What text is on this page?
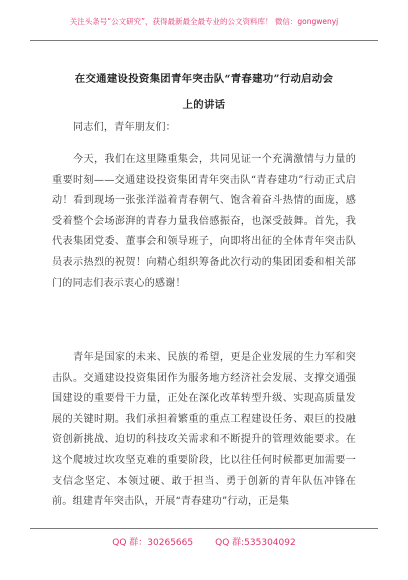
关注头条号“公文研究”，获得最新最全最专业的公文资料库！ 微信：gongwenyj
在交通建设投资集团青年突击队“青春建功”行动启动会
上的讲话
同志们，青年朋友们：
今天，我们在这里隆重集会，共同见证一个充满激情与力量的重要时刻——交通建设投资集团青年突击队“青春建功”行动正式启动！看到现场一张张洋溢着青春朝气、饱含着奋斗热情的面庞，感受着整个会场澎湃的青春力量我倍感振奋，也深受鼓舞。首先，我代表集团党委、董事会和领导班子，向即将出征的全体青年突击队员表示热烈的祝贺！向精心组织筹备此次行动的集团团委和相关部门的同志们表示衷心的感谢！
青年是国家的未来、民族的希望，更是企业发展的生力军和突击队。交通建设投资集团作为服务地方经济社会发展、支撑交通强国建设的重要骨干力量，正处在深化改革转型升级、实现高质量发展的关键时期。我们承担着繁重的重点工程建设任务、艰巨的投融资创新挑战、迫切的科技攻关需求和不断提升的管理效能要求。在这个爬坡过坎攻坚克难的重要阶段，比以往任何时候都更加需要一支信念坚定、本领过硬、敢于担当、勇于创新的青年队伍冲锋在前。组建青年突击队，开展“青春建功”行动，正是集
QQ 群：30265665 QQ 群:535304092
